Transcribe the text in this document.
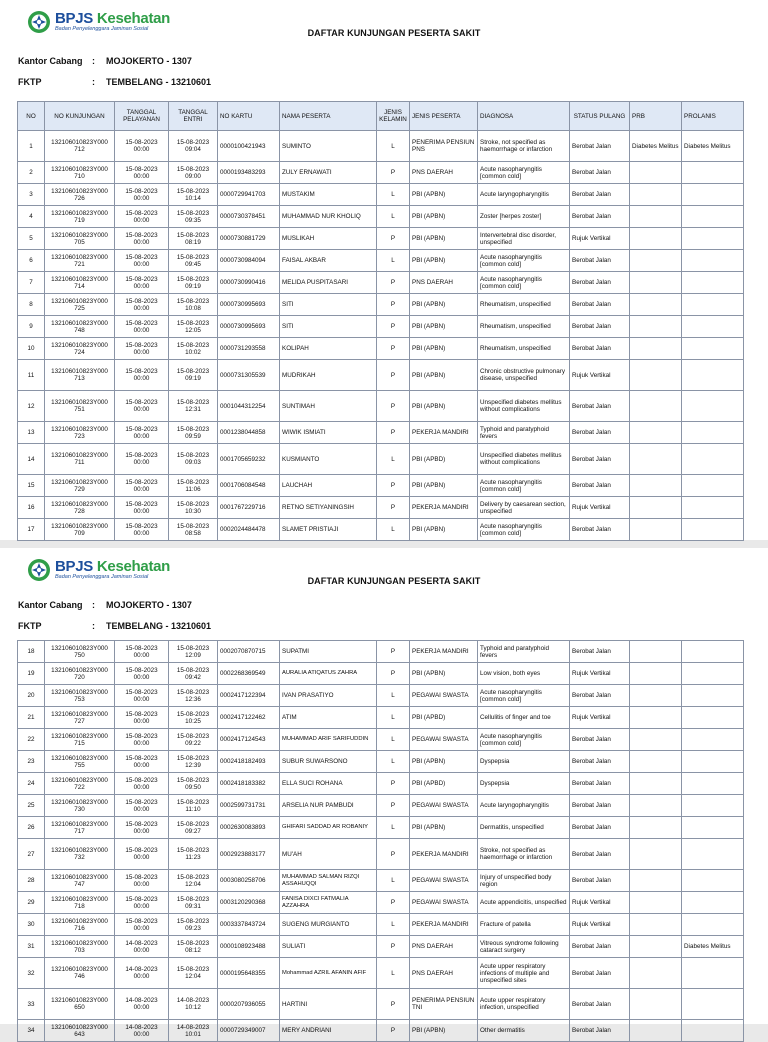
BPJS Kesehatan
Badan Penyelenggara Jaminan Sosial	DAFTAR KUNJUNGAN PESERTA SAKIT
Kantor Cabang : MOJOKERTO - 1307
FKTP	: TEMBELANG - 13210601
NO	NO KUNJUNGAN	TANGGAL PELAYANAN	TANGGAL ENTRI	NO KARTU	NAMA PESERTA	JENIS KELAMIN	JENIS PESERTA	DIAGNOSA	STATUS PULANG	PRB	PROLANIS
1	132106010823Y000 712	15-08-2023 00:00	15-08-2023 09:04	0000100421943	SUMINTO	L	PENERIMA PENSIUN PNS	Stroke, not specified as haemorrhage or infarction	Berobat Jalan	Diabetes Melitus	Diabetes Melitus
2	132106010823Y000 710	15-08-2023 00:00	15-08-2023 09:00	0000193483293	ZULY ERNAWATI	P	PNS DAERAH	Acute nasopharyngitis [common cold]	Berobat Jalan		
3	132106010823Y000 726	15-08-2023 00:00	15-08-2023 10:14	0000729941703	MUSTAKIM	L	PBI (APBN)	Acute laryngopharyngitis	Berobat Jalan		
4	132106010823Y000 719	15-08-2023 00:00	15-08-2023 09:35	0000730378451	MUHAMMAD NUR KHOLIQ	L	PBI (APBN)	Zoster [herpes zoster]	Berobat Jalan		
5	132106010823Y000 705	15-08-2023 00:00	15-08-2023 08:19	0000730881729	MUSLIKAH	P	PBI (APBN)	Intervertebral disc disorder, unspecified	Rujuk Vertikal		
6	132106010823Y000 721	15-08-2023 00:00	15-08-2023 09:45	0000730984094	FAISAL AKBAR	L	PBI (APBN)	Acute nasopharyngitis [common cold]	Berobat Jalan		
7	132106010823Y000 714	15-08-2023 00:00	15-08-2023 09:19	0000730990416	MELIDA PUSPITASARI	P	PNS DAERAH	Acute nasopharyngitis [common cold]	Berobat Jalan		
8	132106010823Y000 725	15-08-2023 00:00	15-08-2023 10:08	0000730995693	SITI	P	PBI (APBN)	Rheumatism, unspecified	Berobat Jalan		
9	132106010823Y000 748	15-08-2023 00:00	15-08-2023 12:05	0000730995693	SITI	P	PBI (APBN)	Rheumatism, unspecified	Berobat Jalan		
10	132106010823Y000 724	15-08-2023 00:00	15-08-2023 10:02	0000731293558	KOLIPAH	P	PBI (APBN)	Rheumatism, unspecified	Berobat Jalan		
11	132106010823Y000 713	15-08-2023 00:00	15-08-2023 09:19	0000731305539	MUDRIKAH	P	PBI (APBN)	Chronic obstructive pulmonary disease, unspecified	Rujuk Vertikal		
12	132106010823Y000 751	15-08-2023 00:00	15-08-2023 12:31	0001044312254	SUNTIMAH	P	PBI (APBN)	Unspecified diabetes mellitus without complications	Berobat Jalan		
13	132106010823Y000 723	15-08-2023 00:00	15-08-2023 09:59	0001238044858	WIWIK ISMIATI	P	PEKERJA MANDIRI	Typhoid and paratyphoid fevers	Berobat Jalan		
14	132106010823Y000 711	15-08-2023 00:00	15-08-2023 09:03	0001705659232	KUSMIANTO	L	PBI (APBD)	Unspecified diabetes mellitus without complications	Berobat Jalan		
15	132106010823Y000 729	15-08-2023 00:00	15-08-2023 11:06	0001706084548	LAUCHAH	P	PBI (APBN)	Acute nasopharyngitis [common cold]	Berobat Jalan		
16	132106010823Y000 728	15-08-2023 00:00	15-08-2023 10:30	0001767229716	RETNO SETIYANINGSIH	P	PEKERJA MANDIRI	Delivery by caesarean section, unspecified	Rujuk Vertikal		
17	132106010823Y000 709	15-08-2023 00:00	15-08-2023 08:58	0002024484478	SLAMET PRISTIAJI	L	PBI (APBN)	Acute nasopharyngitis [common cold]	Berobat Jalan		
BPJS Kesehatan
Badan Penyelenggara Jaminan Sosial	DAFTAR KUNJUNGAN PESERTA SAKIT
Kantor Cabang : MOJOKERTO - 1307
FKTP	: TEMBELANG - 13210601
18	132106010823Y000 750	15-08-2023 00:00	15-08-2023 12:09	0002070870715	SUPATMI	P	PEKERJA MANDIRI	Typhoid and paratyphoid fevers	Berobat Jalan		
19	132106010823Y000 720	15-08-2023 00:00	15-08-2023 09:42	0002268369549	AURALIA ATIQATUS ZAHRA	P	PBI (APBN)	Low vision, both eyes	Rujuk Vertikal		
20	132106010823Y000 753	15-08-2023 00:00	15-08-2023 12:36	0002417122394	IVAN PRASATIYO	L	PEGAWAI SWASTA	Acute nasopharyngitis [common cold]	Berobat Jalan		
21	132106010823Y000 727	15-08-2023 00:00	15-08-2023 10:25	0002417122462	ATIM	L	PBI (APBD)	Cellulitis of finger and toe	Rujuk Vertikal		
22	132106010823Y000 715	15-08-2023 00:00	15-08-2023 09:22	0002417124543	MUHAMMAD ARIF SARIFUDDIN	L	PEGAWAI SWASTA	Acute nasopharyngitis [common cold]	Berobat Jalan		
23	132106010823Y000 755	15-08-2023 00:00	15-08-2023 12:39	0002418182493	SUBUR SUWARSONO	L	PBI (APBN)	Dyspepsia	Berobat Jalan		
24	132106010823Y000 722	15-08-2023 00:00	15-08-2023 09:50	0002418183382	ELLA SUCI ROHANA	P	PBI (APBD)	Dyspepsia	Berobat Jalan		
25	132106010823Y000 730	15-08-2023 00:00	15-08-2023 11:10	0002599731731	ARSELIA NUR PAMBUDI	P	PEGAWAI SWASTA	Acute laryngopharyngitis	Berobat Jalan		
26	132106010823Y000 717	15-08-2023 00:00	15-08-2023 09:27	0002630083893	GHIFARI SADDAD AR ROBANIY	L	PBI (APBN)	Dermatitis, unspecified	Berobat Jalan		
27	132106010823Y000 732	15-08-2023 00:00	15-08-2023 11:23	0002923883177	MU'AH	P	PEKERJA MANDIRI	Stroke, not specified as haemorrhage or infarction	Berobat Jalan		
28	132106010823Y000 747	15-08-2023 00:00	15-08-2023 12:04	0003080258706	MUHAMMAD SALMAN RIZQI ASSAHUQQI	L	PEGAWAI SWASTA	Injury of unspecified body region	Berobat Jalan		
29	132106010823Y000 718	15-08-2023 00:00	15-08-2023 09:31	0003120290368	FANISA DIXCI FATMALIA AZZAHRA	P	PEGAWAI SWASTA	Acute appendicitis, unspecified	Rujuk Vertikal		
30	132106010823Y000 716	15-08-2023 00:00	15-08-2023 09:23	0003337843724	SUGENG MURGIANTO	L	PEKERJA MANDIRI	Fracture of patella	Rujuk Vertikal		
31	132106010823Y000 703	14-08-2023 00:00	15-08-2023 08:12	0000108923488	SULIATI	P	PNS DAERAH	Vitreous syndrome following cataract surgery	Berobat Jalan		Diabetes Melitus
32	132106010823Y000 746	14-08-2023 00:00	15-08-2023 12:04	0000195648355	Mohammad AZRIL AFANIN AFIF	L	PNS DAERAH	Acute upper respiratory infections of multiple and unspecified sites	Berobat Jalan		
33	132106010823Y000 650	14-08-2023 00:00	14-08-2023 10:12	0000207936055	HARTINI	P	PENERIMA PENSIUN TNI	Acute upper respiratory infection, unspecified	Berobat Jalan		
34	132106010823Y000 643	14-08-2023 00:00	14-08-2023 10:01	0000729349007	MERY ANDRIANI	P	PBI (APBN)	Other dermatitis	Berobat Jalan		
